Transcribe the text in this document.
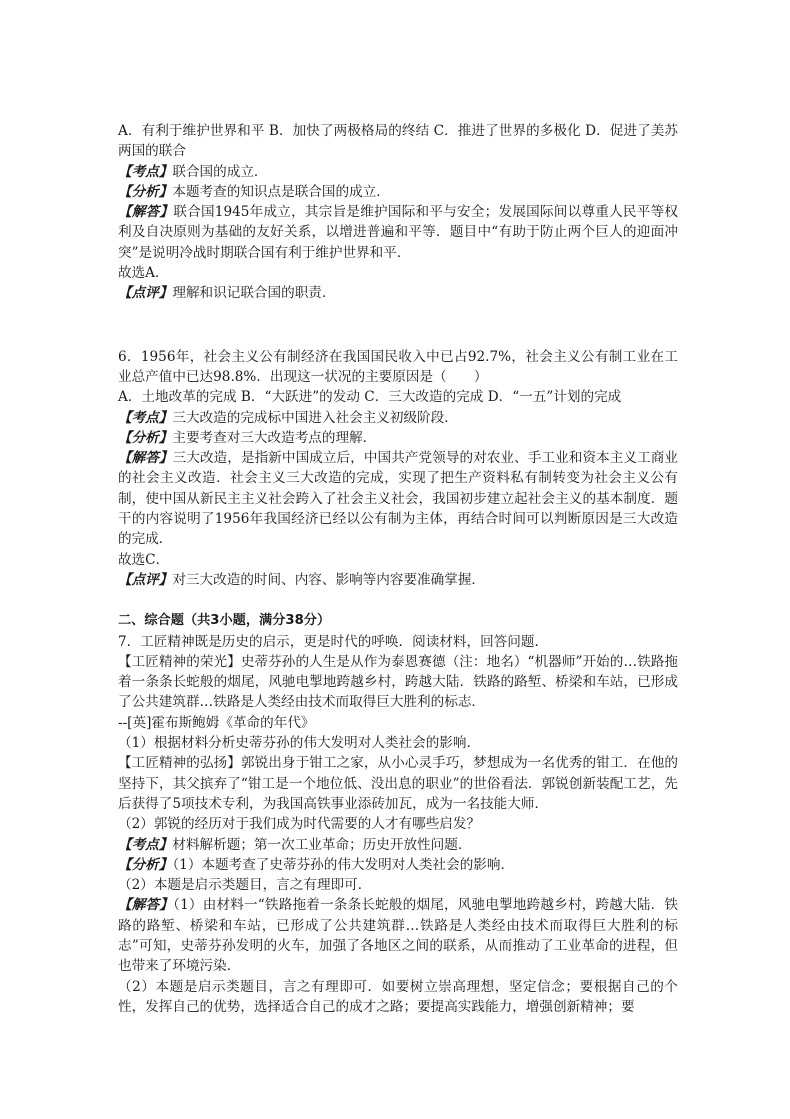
A．有利于维护世界和平 B．加快了两极格局的终结 C．推进了世界的多极化 D．促进了美苏两国的联合

【考点】联合国的成立．

【分析】本题考查的知识点是联合国的成立．

【解答】联合国1945年成立，其宗旨是维护国际和平与安全；发展国际间以尊重人民平等权利及自决原则为基础的友好关系，以增进普遍和平等．题目中“有助于防止两个巨人的迎面冲突”是说明冷战时期联合国有利于维护世界和平．

故选A．

【点评】理解和识记联合国的职责．

6．1956年，社会主义公有制经济在我国国民收入中已占92.7%，社会主义公有制工业在工业总产值中已达98.8%．出现这一状况的主要原因是（　　）

A．土地改革的完成 B．“大跃进”的发动 C．三大改造的完成 D．“一五”计划的完成

【考点】三大改造的完成标中国进入社会主义初级阶段．

【分析】主要考查对三大改造考点的理解．

【解答】三大改造，是指新中国成立后，中国共产党领导的对农业、手工业和资本主义工商业的社会主义改造．社会主义三大改造的完成，实现了把生产资料私有制转变为社会主义公有制，使中国从新民主主义社会跨入了社会主义社会，我国初步建立起社会主义的基本制度．题干的内容说明了1956年我国经济已经以公有制为主体，再结合时间可以判断原因是三大改造的完成．

故选C．

【点评】对三大改造的时间、内容、影响等内容要准确掌握．

二、综合题（共3小题，满分38分）

7．工匠精神既是历史的启示，更是时代的呼唤．阅读材料，回答问题．

【工匠精神的荣光】史蒂芬孙的人生是从作为泰恩赛德（注：地名）“机器师”开始的…铁路拖着一条条长蛇般的烟尾，风驰电掣地跨越乡村，跨越大陆．铁路的路堑、桥梁和车站，已形成了公共建筑群…铁路是人类经由技术而取得巨大胜利的标志．

--[英]霍布斯鲍姆《革命的年代》

（1）根据材料分析史蒂芬孙的伟大发明对人类社会的影响．

【工匠精神的弘扬】郭锐出身于钳工之家，从小心灵手巧，梦想成为一名优秀的钳工．在他的坚持下，其父摈弃了“钳工是一个地位低、没出息的职业”的世俗看法．郭锐创新装配工艺，先后获得了5项技术专利，为我国高铁事业添砖加瓦，成为一名技能大师．

（2）郭锐的经历对于我们成为时代需要的人才有哪些启发？

【考点】材料解析题；第一次工业革命；历史开放性问题．

【分析】（1）本题考查了史蒂芬孙的伟大发明对人类社会的影响．

（2）本题是启示类题目，言之有理即可．

【解答】（1）由材料一“铁路拖着一条条长蛇般的烟尾，风驰电掣地跨越乡村，跨越大陆．铁路的路堑、桥梁和车站，已形成了公共建筑群…铁路是人类经由技术而取得巨大胜利的标志”可知，史蒂芬孙发明的火车，加强了各地区之间的联系，从而推动了工业革命的进程，但也带来了环境污染．

（2）本题是启示类题目，言之有理即可．如要树立崇高理想，坚定信念；要根据自己的个性，发挥自己的优势，选择适合自己的成才之路；要提高实践能力，增强创新精神；要
